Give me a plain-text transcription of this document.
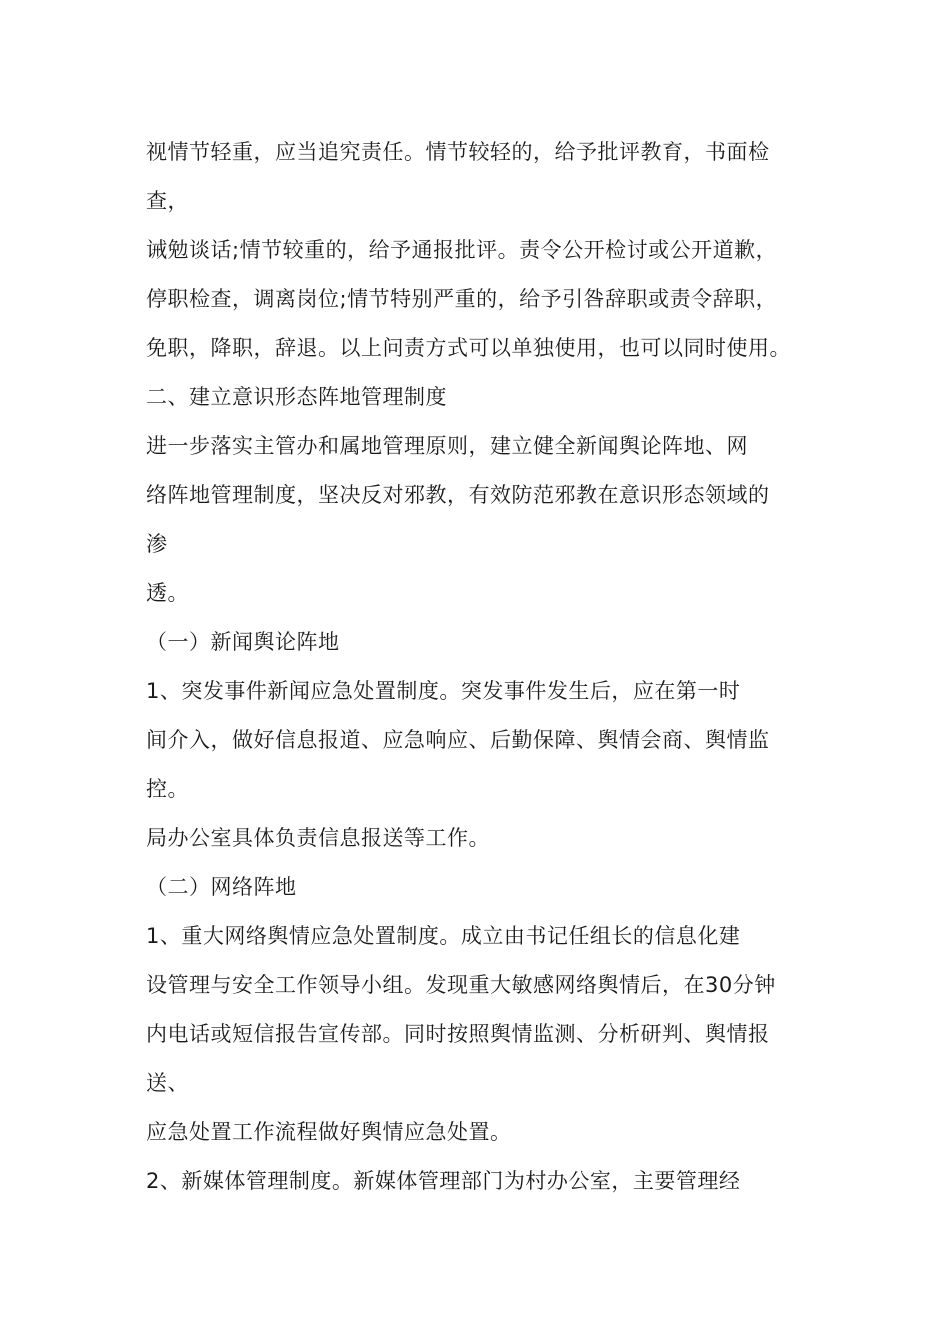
视情节轻重，应当追究责任。情节较轻的，给予批评教育，书面检
查，
诫勉谈话;情节较重的，给予通报批评。责令公开检讨或公开道歉，
停职检查，调离岗位;情节特别严重的，给予引咎辞职或责令辞职，
免职，降职，辞退。以上问责方式可以单独使用，也可以同时使用。
二、建立意识形态阵地管理制度
进一步落实主管办和属地管理原则，建立健全新闻舆论阵地、网
络阵地管理制度，坚决反对邪教，有效防范邪教在意识形态领域的
渗
透。
（一）新闻舆论阵地
1、突发事件新闻应急处置制度。突发事件发生后，应在第一时
间介入，做好信息报道、应急响应、后勤保障、舆情会商、舆情监
控。
局办公室具体负责信息报送等工作。
（二）网络阵地
1、重大网络舆情应急处置制度。成立由书记任组长的信息化建
设管理与安全工作领导小组。发现重大敏感网络舆情后，在30分钟
内电话或短信报告宣传部。同时按照舆情监测、分析研判、舆情报
送、
应急处置工作流程做好舆情应急处置。
2、新媒体管理制度。新媒体管理部门为村办公室，主要管理经
